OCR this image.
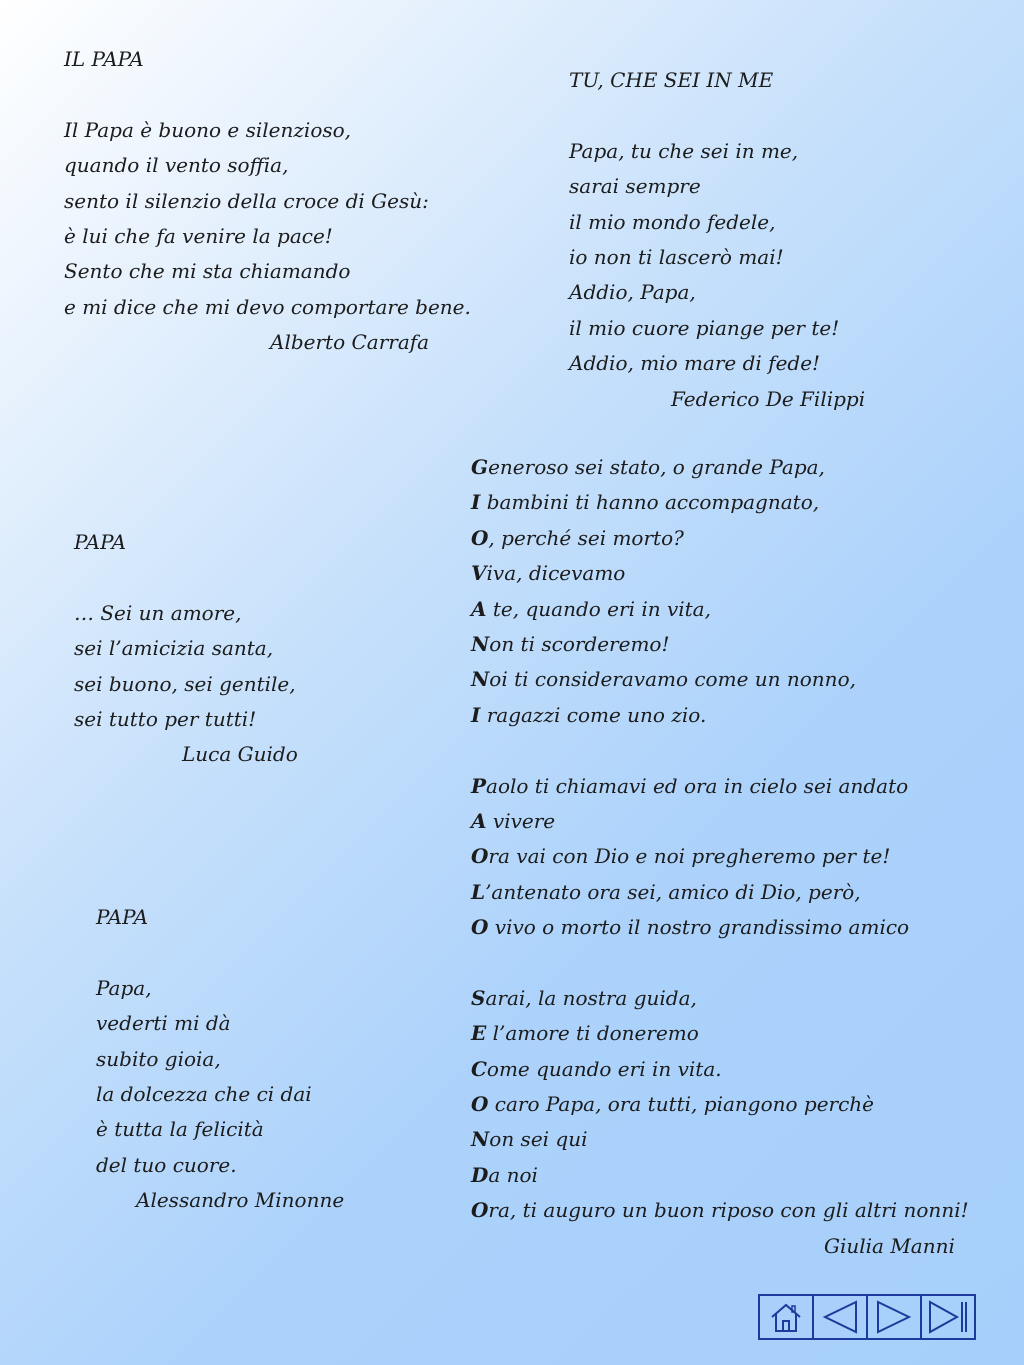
IL PAPA
Il Papa è buono e silenzioso,
quando il vento soffia,
sento il silenzio della croce di Gesù:
è lui che fa venire la pace!
Sento che mi sta chiamando
e mi dice che mi devo comportare bene.
Alberto Carrafa
TU, CHE SEI IN ME
Papa, tu che sei in me,
sarai sempre
il mio mondo fedele,
io non ti lascerò mai!
Addio, Papa,
il mio cuore piange per te!
Addio, mio mare di fede!
Federico De Filippi
PAPA
… Sei un amore,
sei l’amicizia santa,
sei buono, sei gentile,
sei tutto per tutti!
Luca Guido
PAPA
Papa,
vederti mi dà
subito gioia,
la dolcezza che ci dai
è tutta la felicità
del tuo cuore.
Alessandro Minonne
Generoso sei stato, o grande Papa,
I bambini ti hanno accompagnato,
O, perché sei morto?
Viva, dicevamo
A te, quando eri in vita,
Non ti scorderemo!
Noi ti consideravamo come un nonno,
I ragazzi come uno zio.
Paolo ti chiamavi ed ora in cielo sei andato
A vivere
Ora vai con Dio e noi pregheremo per te!
L’antenato ora sei, amico di Dio, però,
O vivo o morto il nostro grandissimo amico
Sarai, la nostra guida,
E l’amore ti doneremo
Come quando eri in vita.
O caro Papa, ora tutti, piangono perchè
Non sei qui
Da noi
Ora, ti auguro un buon riposo con gli altri nonni!
Giulia Manni
